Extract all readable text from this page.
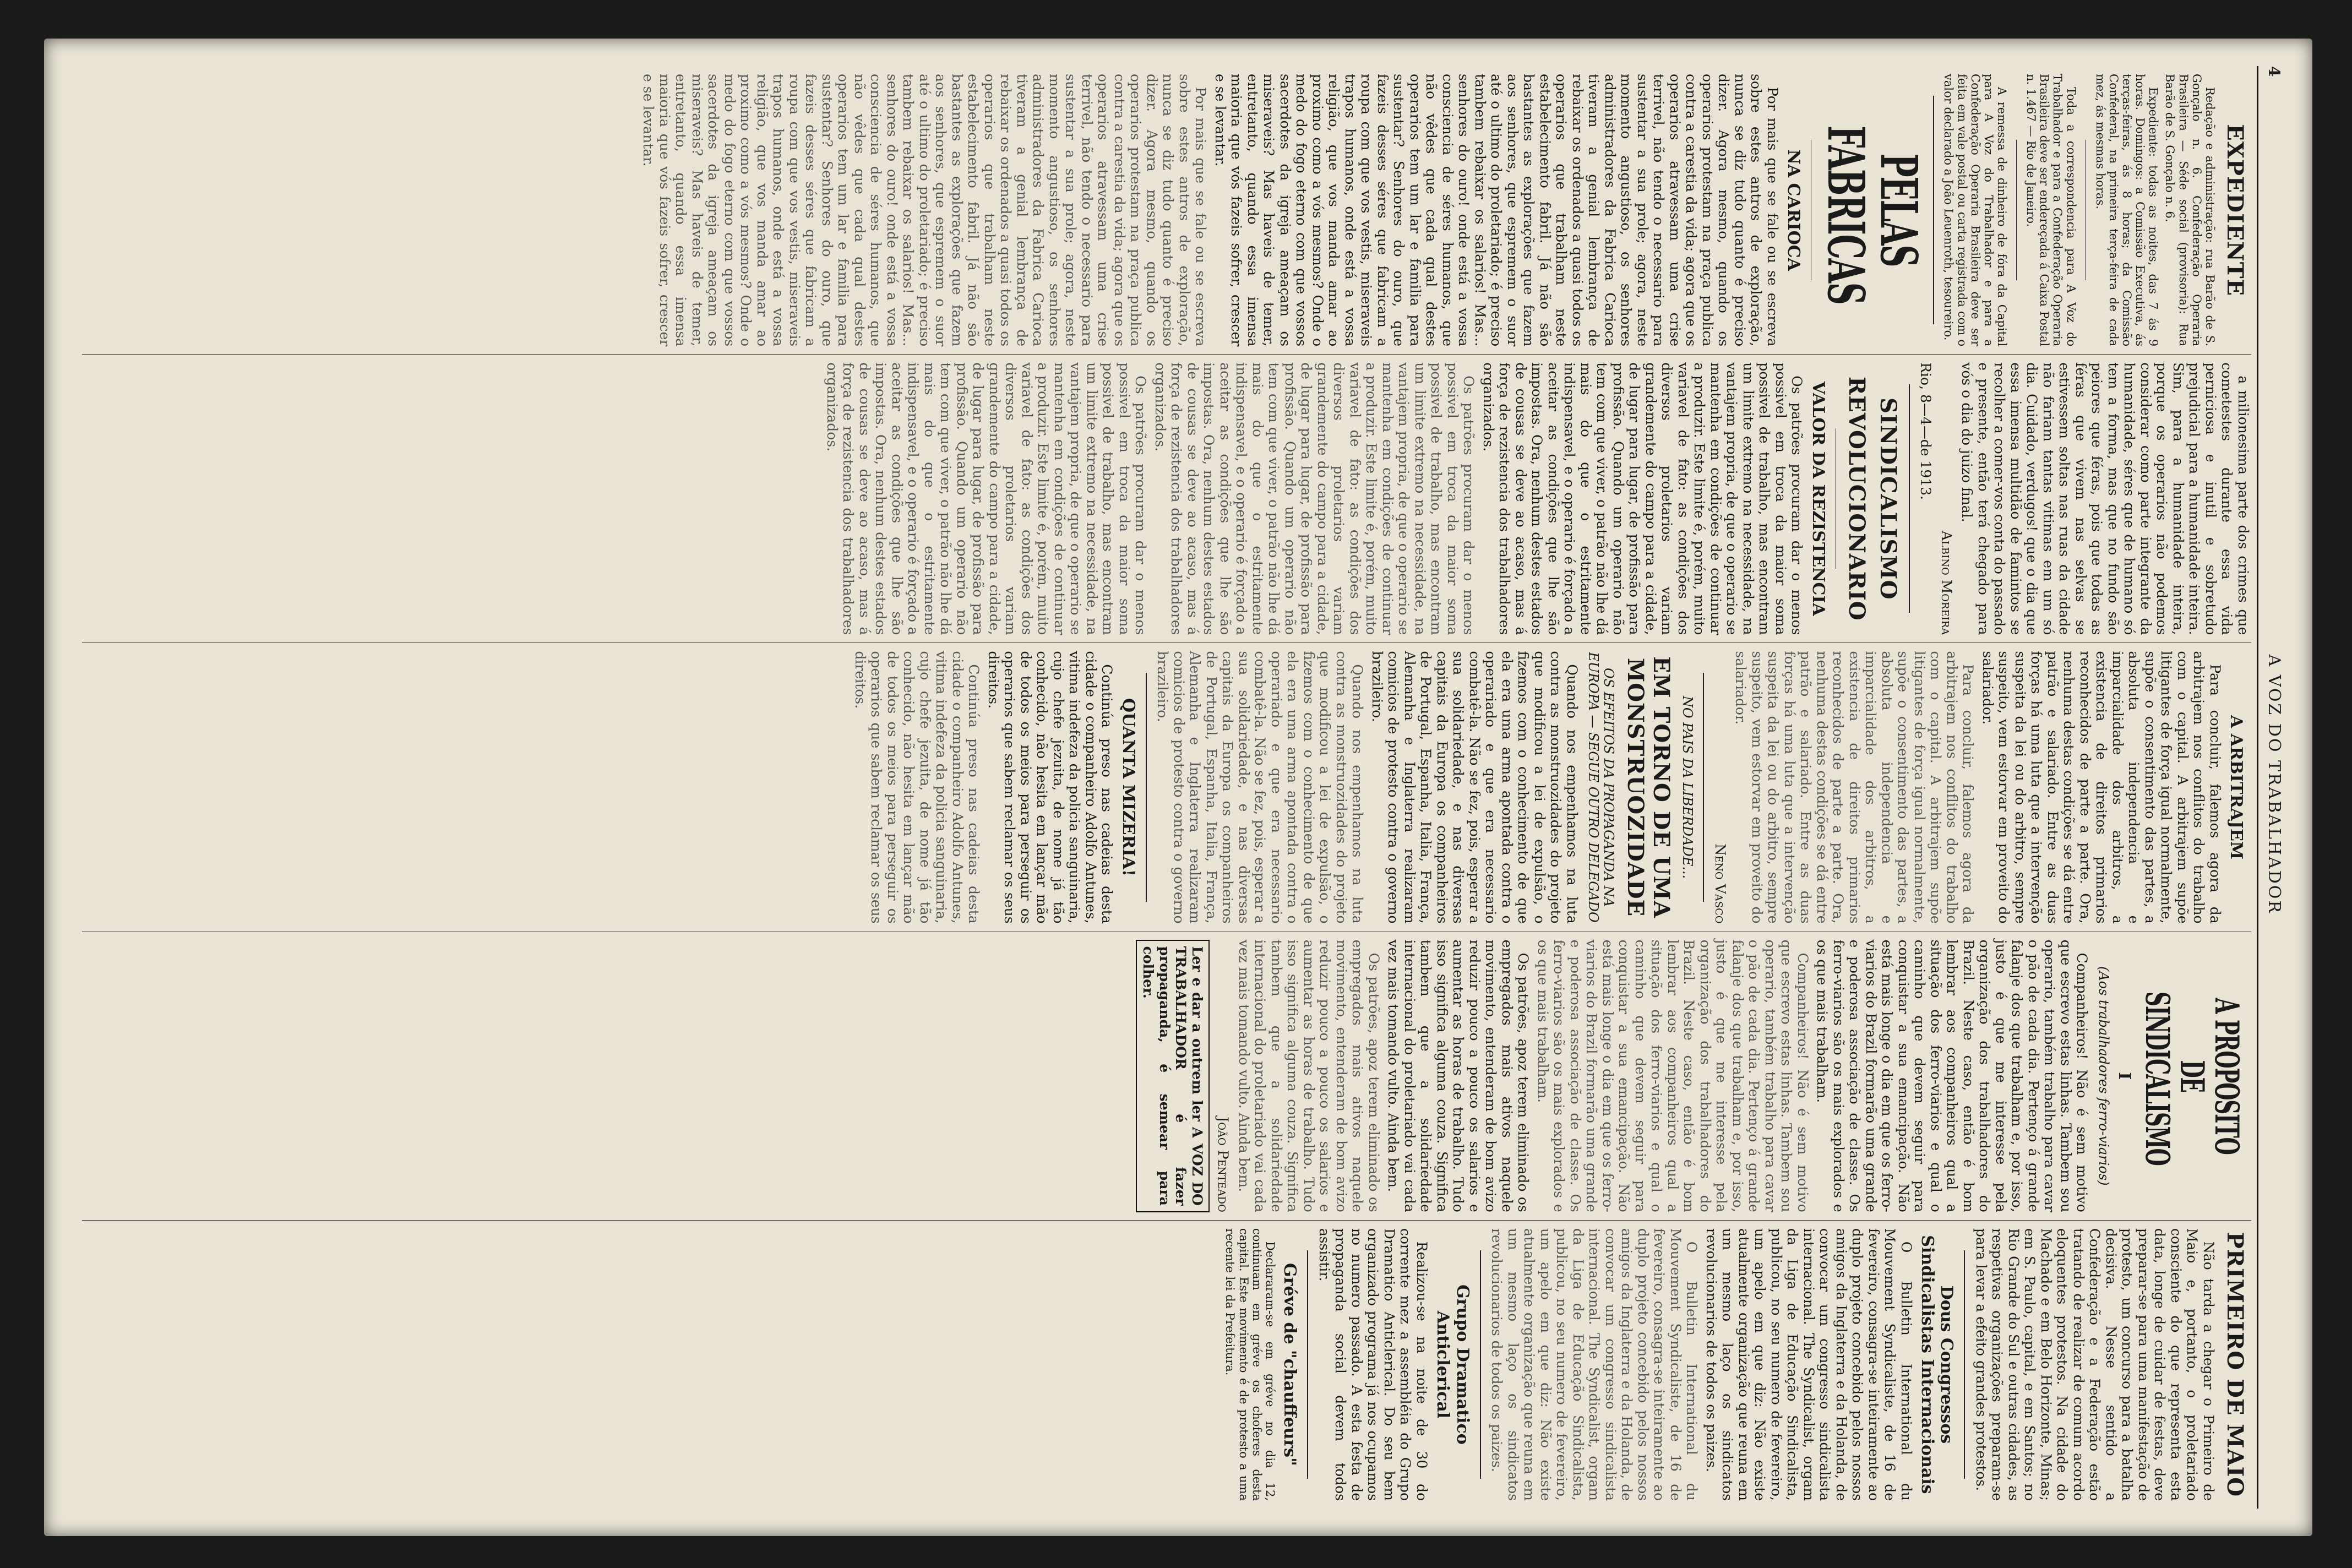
4
A VOZ DO TRABALHADOR
EXPEDIENTE

Redação e administração: rua Barão de S. Gonçalo n. 6. Confederação Operaria Brasileira — Séde social (provisoria): Rua Barão de S. Gonçalo n. 6.

Expediente: todas as noites, das 7 ás 9 horas. Domingos: a Comissão Executiva, ás terças-feiras, ás 8 horas; da Comissão Confederal, na primeira terça-feira de cada mez, ás mesmas horas.

Toda a correspondencia para A Voz do Trabalhador e para a Confederação Operaria Brasileira deve ser endereçada á Caixa Postal n. 1.467 — Rio de Janeiro.

A remessa de dinheiro de fóra da Capital para A Voz do Trabalhador e para a Confederação Operaria Brasileira deve ser feita em vale postal ou carta registrada com o valor declarado a João Leuenroth, tesoureiro.

PELAS FABRICAS
NA CARIOCA

Por mais que se fale ou se escreva sobre estes antros de exploração, nunca se diz tudo quanto é preciso dizer. Agora mesmo, quando os operarios protestam na praça publica contra a carestia da vida; agora que os operarios atravessam uma crise terrivel, não tendo o necessario para sustentar a sua prole; agora, neste momento angustioso, os senhores administradores da Fabrica Carioca tiveram a genial lembrança de rebaixar os ordenados a quasi todos os operarios que trabalham neste estabelecimento fabril. Já não são bastantes as explorações que fazem aos senhores, que espremem o suor até o ultimo do proletariado; é preciso tambem rebaixar os salarios! Mas... senhores do ouro! onde está a vossa consciencia de séres humanos, que não vêdes que cada qual destes operarios tem um lar e familia para sustentar? Senhores do ouro, que fazeis desses séres que fabricam a roupa com que vos vestis, miseraveis trapos humanos, onde está a vossa religião, que vos manda amar ao proximo como a vós mesmos? Onde o medo do fogo eterno com que vossos sacerdotes da igreja ameaçam os miseraveis? Mas haveis de temer, entretanto, quando essa imensa maioria que vós fazeis sofrer, crescer e se levantar.

Por mais que se fale ou se escreva sobre estes antros de exploração, nunca se diz tudo quanto é preciso dizer. Agora mesmo, quando os operarios protestam na praça publica contra a carestia da vida; agora que os operarios atravessam uma crise terrivel, não tendo o necessario para sustentar a sua prole; agora, neste momento angustioso, os senhores administradores da Fabrica Carioca tiveram a genial lembrança de rebaixar os ordenados a quasi todos os operarios que trabalham neste estabelecimento fabril. Já não são bastantes as explorações que fazem aos senhores, que espremem o suor até o ultimo do proletariado; é preciso tambem rebaixar os salarios! Mas... senhores do ouro! onde está a vossa consciencia de séres humanos, que não vêdes que cada qual destes operarios tem um lar e familia para sustentar? Senhores do ouro, que fazeis desses séres que fabricam a roupa com que vos vestis, miseraveis trapos humanos, onde está a vossa religião, que vos manda amar ao proximo como a vós mesmos? Onde o medo do fogo eterno com que vossos sacerdotes da igreja ameaçam os miseraveis? Mas haveis de temer, entretanto, quando essa imensa maioria que vós fazeis sofrer, crescer e se levantar.

a milionesima parte dos crimes que cometestes durante essa vida perniciosa e inutil e sobretudo prejudicial para a humanidade inteira. Sim, para a humanidade inteira, porque os operarios não podemos considerar como parte integrante da humanidade, séres que de humano só tem a forma, mas que no fundo são peiores que féras, pois que todas as féras que vivem nas selvas se estivessem soltas nas ruas da cidade não fariam tantas vitimas em um só dia. Cuidado, verdugos! que o dia que essa imensa multidão de famintos se recolher a comer-vos conta do passado e presente, então terá chegado para vós o dia do juizo final.

Albino Moreira
Rio, 8—4—de 1913.
SINDICALISMO
REVOLUCIONARIO
VALOR DA REZISTENCIA

Os patrões procuram dar o menos possivel em troca da maior soma possivel de trabalho, mas encontram um limite extremo na necessidade, na vantajem propria, de que o operario se mantenha em condições de continuar a produzir. Este limite é, porém, muito variavel de fato: as condições dos diversos proletarios variam grandemente do campo para a cidade, de lugar para lugar, de profissão para profissão. Quando um operario não tem com que viver, o patrão não lhe dá mais do que o estritamente indispensavel, e o operario é forçado a aceitar as condições que lhe são impostas. Ora, nenhum destes estados de cousas se deve ao acaso, mas á força de rezistencia dos trabalhadores organizados.

Os patrões procuram dar o menos possivel em troca da maior soma possivel de trabalho, mas encontram um limite extremo na necessidade, na vantajem propria, de que o operario se mantenha em condições de continuar a produzir. Este limite é, porém, muito variavel de fato: as condições dos diversos proletarios variam grandemente do campo para a cidade, de lugar para lugar, de profissão para profissão. Quando um operario não tem com que viver, o patrão não lhe dá mais do que o estritamente indispensavel, e o operario é forçado a aceitar as condições que lhe são impostas. Ora, nenhum destes estados de cousas se deve ao acaso, mas á força de rezistencia dos trabalhadores organizados.

Os patrões procuram dar o menos possivel em troca da maior soma possivel de trabalho, mas encontram um limite extremo na necessidade, na vantajem propria, de que o operario se mantenha em condições de continuar a produzir. Este limite é, porém, muito variavel de fato: as condições dos diversos proletarios variam grandemente do campo para a cidade, de lugar para lugar, de profissão para profissão. Quando um operario não tem com que viver, o patrão não lhe dá mais do que o estritamente indispensavel, e o operario é forçado a aceitar as condições que lhe são impostas. Ora, nenhum destes estados de cousas se deve ao acaso, mas á força de rezistencia dos trabalhadores organizados.

A ARBITRAJEM

Para concluir, falemos agora da arbitrajem nos conflitos do trabalho com o capital. A arbitrajem supõe litigantes de força igual normalmente, supõe o consentimento das partes, a absoluta independencia e imparcialidade dos arbitros, a existencia de direitos primarios reconhecidos de parte a parte. Ora, nenhuma destas condições se dá entre patrão e salariado. Entre as duas forças há uma luta que a intervenção suspeita da lei ou do arbitro, sempre suspeito, vem estorvar em proveito do salariador.

Para concluir, falemos agora da arbitrajem nos conflitos do trabalho com o capital. A arbitrajem supõe litigantes de força igual normalmente, supõe o consentimento das partes, a absoluta independencia e imparcialidade dos arbitros, a existencia de direitos primarios reconhecidos de parte a parte. Ora, nenhuma destas condições se dá entre patrão e salariado. Entre as duas forças há uma luta que a intervenção suspeita da lei ou do arbitro, sempre suspeito, vem estorvar em proveito do salariador.

Neno Vasco
NO PAIS DA LIBERDADE...
EM TORNO DE UMA MONSTRUOZIDADE
OS EFEITOS DA PROPAGANDA NA EUROPA — SEGUE OUTRO DELEGADO

Quando nos empenhamos na luta contra as monstruozidades do projeto que modificou a lei de expulsão, o fizemos com o conhecimento de que ela era uma arma apontada contra o operariado e que era necessario combatê-la. Não se fez, pois, esperar a sua solidariedade, e nas diversas capitais da Europa os companheiros de Portugal, Espanha, Italia, França, Alemanha e Inglaterra realizaram comicios de protesto contra o governo brazileiro.

Quando nos empenhamos na luta contra as monstruozidades do projeto que modificou a lei de expulsão, o fizemos com o conhecimento de que ela era uma arma apontada contra o operariado e que era necessario combatê-la. Não se fez, pois, esperar a sua solidariedade, e nas diversas capitais da Europa os companheiros de Portugal, Espanha, Italia, França, Alemanha e Inglaterra realizaram comicios de protesto contra o governo brazileiro.

QUANTA MIZERIA!

Continúa preso nas cadeias desta cidade o companheiro Adolfo Antunes, vitima indefeza da policia sanguinaria, cujo chefe jezuita, de nome já tão conhecido, não hesita em lançar mão de todos os meios para perseguir os operarios que sabem reclamar os seus direitos.

Continúa preso nas cadeias desta cidade o companheiro Adolfo Antunes, vitima indefeza da policia sanguinaria, cujo chefe jezuita, de nome já tão conhecido, não hesita em lançar mão de todos os meios para perseguir os operarios que sabem reclamar os seus direitos.

A PROPOSITO DE SINDICALISMO
I
(Aos trabalhadores ferro-viarios)

Companheiros! Não é sem motivo que escrevo estas linhas. Tambem sou operario, também trabalho para cavar o pão de cada dia. Pertenço á grande falanje dos que trabalham e, por isso, justo é que me interesse pela organização dos trabalhadores do Brazil. Neste caso, então é bom lembrar aos companheiros qual a situação dos ferro-viarios e qual o caminho que devem seguir para conquistar a sua emancipação. Não está mais longe o dia em que os ferro-viarios do Brazil formarão uma grande e poderosa associação de classe. Os ferro-viarios são os mais explorados e os que mais trabalham.

Companheiros! Não é sem motivo que escrevo estas linhas. Tambem sou operario, também trabalho para cavar o pão de cada dia. Pertenço á grande falanje dos que trabalham e, por isso, justo é que me interesse pela organização dos trabalhadores do Brazil. Neste caso, então é bom lembrar aos companheiros qual a situação dos ferro-viarios e qual o caminho que devem seguir para conquistar a sua emancipação. Não está mais longe o dia em que os ferro-viarios do Brazil formarão uma grande e poderosa associação de classe. Os ferro-viarios são os mais explorados e os que mais trabalham.

Os patrões, apoz terem eliminado os empregados mais ativos naquele movimento, entenderam de bom avizo reduzir pouco a pouco os salarios e aumentar as horas de trabalho. Tudo isso significa alguma couza. Significa tambem que a solidariedade internacional do proletariado vai cada vez mais tomando vulto. Ainda bem.

Os patrões, apoz terem eliminado os empregados mais ativos naquele movimento, entenderam de bom avizo reduzir pouco a pouco os salarios e aumentar as horas de trabalho. Tudo isso significa alguma couza. Significa tambem que a solidariedade internacional do proletariado vai cada vez mais tomando vulto. Ainda bem.

João Penteado
Ler e dar a outrem ler A VOZ DO TRABALHADOR é fazer propaganda, é semear para colher.
PRIMEIRO DE MAIO

Não tarda a chegar o Primeiro de Maio e, portanto, o proletariado consciente do que representa esta data, longe de cuidar de festas, deve preparar-se para uma manifestação de protesto, um concurso para a batalha decisiva. Nesse sentido a Confederação e a Federação estão tratando de realizar de comum acordo eloquentes protestos. Na cidade do Machado e em Belo Horizonte, Minas; em S. Paulo, capital, e em Santos; no Rio Grande do Sul e outras cidades, as respetivas organizações preparam-se para levar a efeito grandes protestos.

Dous Congressos Sindicalistas Internacionais

O Bulletin International du Mouvement Syndicaliste, de 16 de fevereiro, consagra-se inteiramente ao duplo projeto concebido pelos nossos amigos da Inglaterra e da Holanda, de convocar um congresso sindicalista internacional. The Syndicalist, orgam da Liga de Educação Sindicalista, publicou, no seu numero de fevereiro, um apelo em que diz: Não existe atualmente organização que reuna em um mesmo laço os sindicatos revolucionarios de todos os paizes.

O Bulletin International du Mouvement Syndicaliste, de 16 de fevereiro, consagra-se inteiramente ao duplo projeto concebido pelos nossos amigos da Inglaterra e da Holanda, de convocar um congresso sindicalista internacional. The Syndicalist, orgam da Liga de Educação Sindicalista, publicou, no seu numero de fevereiro, um apelo em que diz: Não existe atualmente organização que reuna em um mesmo laço os sindicatos revolucionarios de todos os paizes.

Grupo Dramatico Anticlerical

Realizou-se na noite de 30 do corrente mez a assembléia do Grupo Dramatico Anticlerical. Do seu bem organizado programa já nos ocupamos no numero passado. A esta festa de propaganda social devem todos assistir.

Gréve de "chauffeurs"

Declararam-se em gréve no dia 12, continuam em gréve os choferes desta capital. Este movimento é de protesto a uma recente lei da Prefeitura.
